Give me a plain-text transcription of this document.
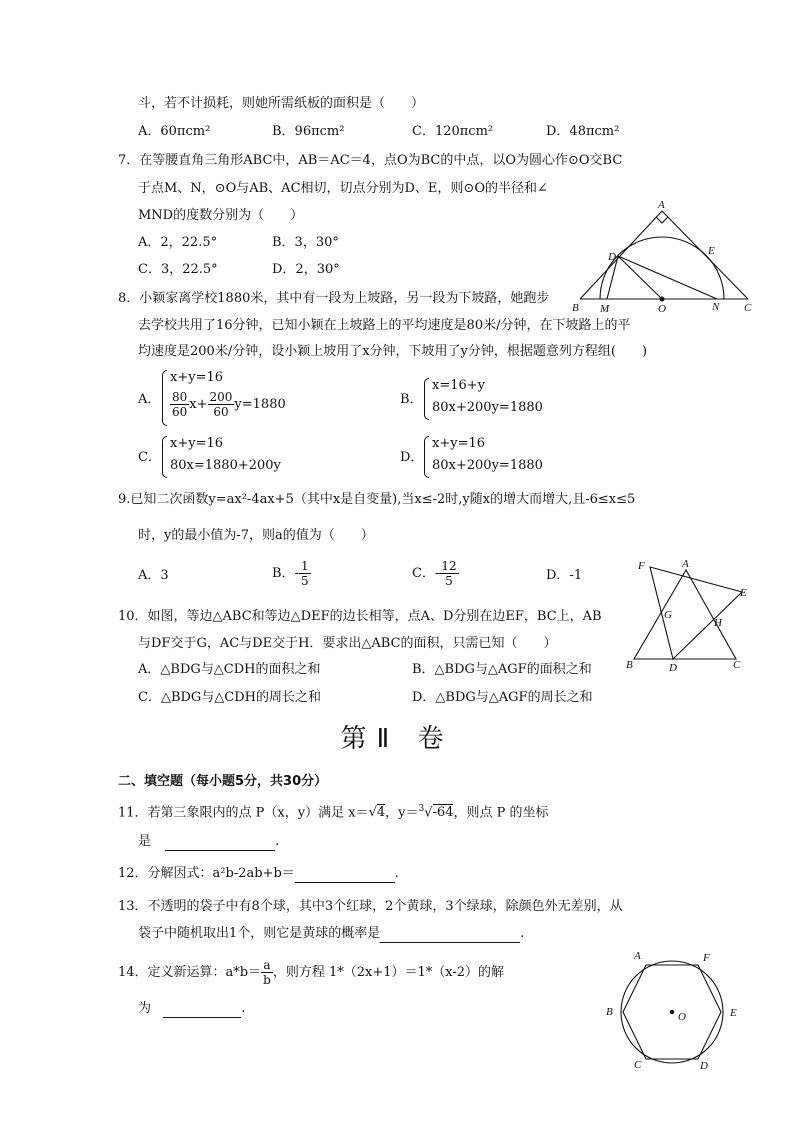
斗，若不计损耗，则她所需纸板的面积是（　　）
A．60πcm²	B．96πcm²	C．120πcm²	D．48πcm²
7．在等腰直角三角形ABC中，AB＝AC＝4，点O为BC的中点，以O为圆心作⊙O交BC
于点M、N，⊙O与AB、AC相切，切点分别为D、E，则⊙O的半径和∠
MND的度数分别为（　　）
A．2，22.5°	B．3，30°
C．3，22.5°	D．2，30°
A
B	C
D	E
M	N
O
8．小颖家离学校1880米，其中有一段为上坡路，另一段为下坡路，她跑步
去学校共用了16分钟，已知小颖在上坡路上的平均速度是80米/分钟，在下坡路上的平
均速度是200米/分钟，设小颖上坡用了x分钟，下坡用了y分钟，根据题意列方程组(　　)
A．
x+y=16
$\frac{80}{60} x+ \frac{200}{60} y=1880$	B．
x=16+y
80x+200y=1880
C．
x+y=16
80x=1880+200y
D．
x+y=16
80x+200y=1880
9.已知二次函数y=ax²-4ax+5（其中x是自变量),当x≤-2时,y随x的增大而增大,且-6≤x≤5
时，y的最小值为-7，则a的值为（　　）
A．3	B．- $\frac{1}{5}$	C．- $\frac{12}{5}$	D．-1
A
B	C
D
E
F
G
H
10．如图，等边△ABC和等边△DEF的边长相等，点A、D分别在边EF，BC上，AB
与DF交于G，AC与DE交于H．要求出△ABC的面积，只需已知（　　）
A．△BDG与△CDH的面积之和	B．△BDG与△AGF的面积之和
C．△BDG与△CDH的周长之和	D．△BDG与△AGF的周长之和
第Ⅱ 卷
二、填空题（每小题5分，共30分）
11．若第三象限内的点 P（x，y）满足 x＝√4，y＝$^3$√-64，则点 P 的坐标
是	.
12．分解因式：a²b-2ab+b＝	.
13．不透明的袋子中有8个球，其中3个红球，2个黄球，3个绿球，除颜色外无差别，从
袋子中随机取出1个，则它是黄球的概率是	.
14．定义新运算：$a*b= \frac{a}{b}$ ，则方程 1*（2x+1）＝1*（x-2）的解
为	.
A	F
B	E
O
C	D
